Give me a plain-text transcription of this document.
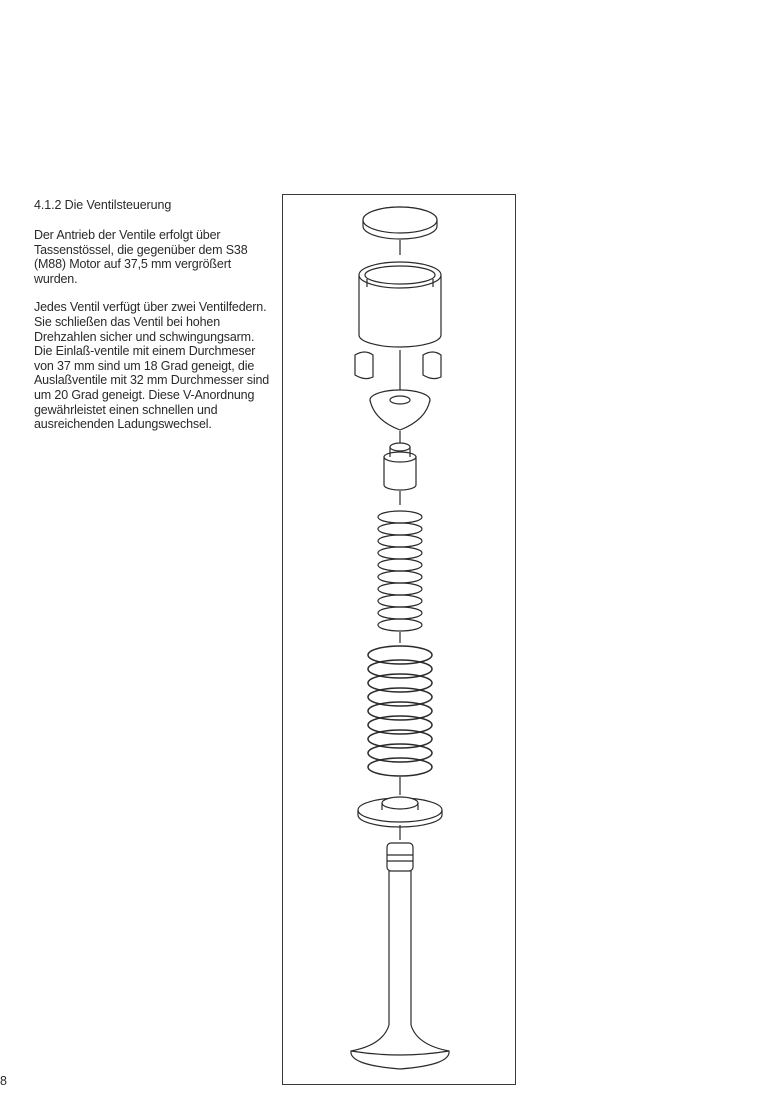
4.1.2 Die Ventilsteuerung

Der Antrieb der Ventile erfolgt über Tassenstössel, die gegenüber dem S38 (M88) Motor auf 37,5 mm vergrößert wurden.

Jedes Ventil verfügt über zwei Ventilfedern. Sie schließen das Ventil bei hohen Drehzahlen sicher und schwingungsarm. Die Einlaß-ventile mit einem Durchmeser von 37 mm sind um 18 Grad geneigt, die Auslaßventile mit 32 mm Durchmesser sind um 20 Grad geneigt. Diese V-Anordnung gewährleistet einen schnellen und ausreichenden Ladungswechsel.

8
